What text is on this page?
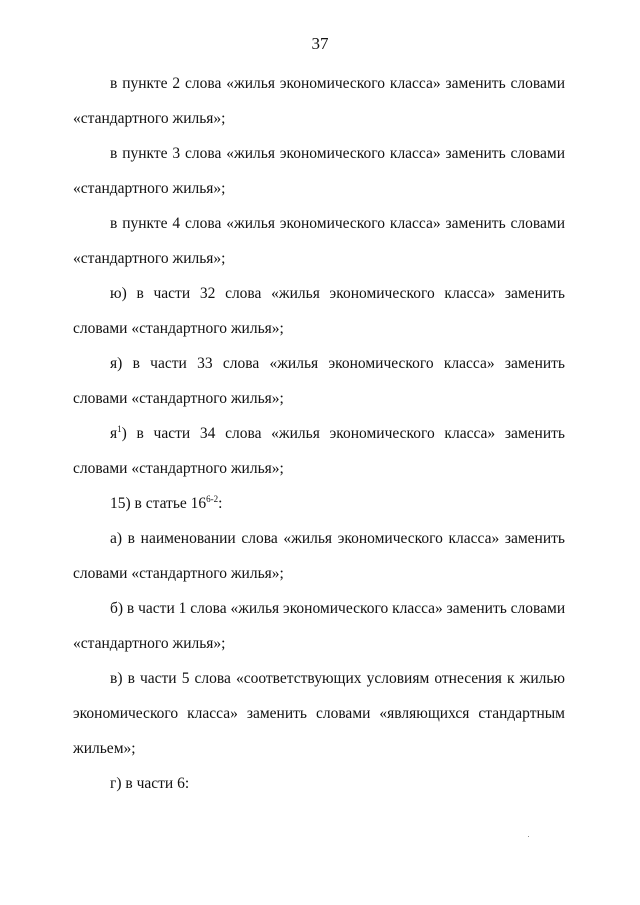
37
в пункте 2 слова «жилья экономического класса» заменить словами
«стандартного жилья»;
в пункте 3 слова «жилья экономического класса» заменить словами
«стандартного жилья»;
в пункте 4 слова «жилья экономического класса» заменить словами
«стандартного жилья»;
ю) в части 32 слова «жилья экономического класса» заменить
словами «стандартного жилья»;
я) в части 33 слова «жилья экономического класса» заменить
словами «стандартного жилья»;
$я^1$) в части 34 слова «жилья экономического класса» заменить
словами «стандартного жилья»;
15) в статье 16$^{6-2}$:
а) в наименовании слова «жилья экономического класса» заменить
словами «стандартного жилья»;
б) в части 1 слова «жилья экономического класса» заменить словами
«стандартного жилья»;
в) в части 5 слова «соответствующих условиям отнесения к жилью
экономического класса» заменить словами «являющихся стандартным
жильем»;
г) в части 6:
